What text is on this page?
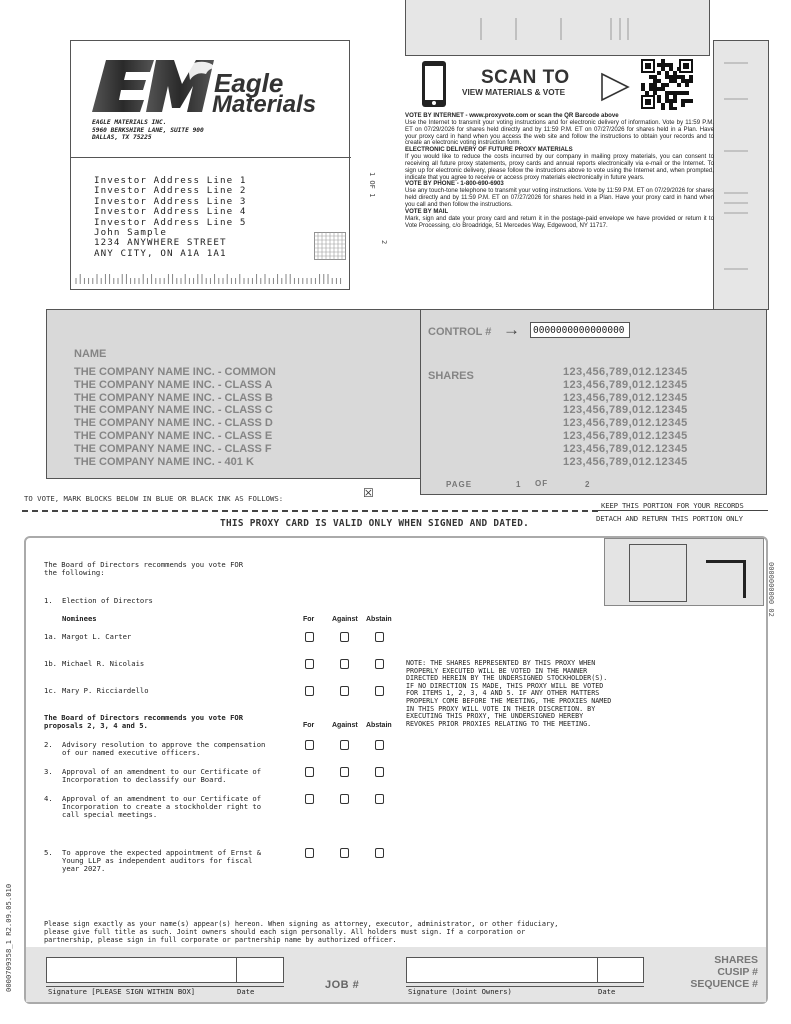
Eagle
Materials
EAGLE MATERIALS INC.
5960 BERKSHIRE LANE, SUITE 900
DALLAS, TX 75225
Investor Address Line 1
Investor Address Line 2
Investor Address Line 3
Investor Address Line 4
Investor Address Line 5
John Sample
1234 ANYWHERE STREET
ANY CITY, ON A1A 1A1
1 OF 1
2
SCAN TO
VIEW MATERIALS & VOTE
VOTE BY INTERNET - www.proxyvote.com or scan the QR Barcode above
Use the Internet to transmit your voting instructions and for electronic delivery of information. Vote by 11:59 P.M. ET on 07/29/2026 for shares held directly and by 11:59 P.M. ET on 07/27/2026 for shares held in a Plan. Have your proxy card in hand when you access the web site and follow the instructions to obtain your records and to create an electronic voting instruction form.
ELECTRONIC DELIVERY OF FUTURE PROXY MATERIALS
If you would like to reduce the costs incurred by our company in mailing proxy materials, you can consent to receiving all future proxy statements, proxy cards and annual reports electronically via e-mail or the Internet. To sign up for electronic delivery, please follow the instructions above to vote using the Internet and, when prompted, indicate that you agree to receive or access proxy materials electronically in future years.
VOTE BY PHONE - 1-800-690-6903
Use any touch-tone telephone to transmit your voting instructions. Vote by 11:59 P.M. ET on 07/29/2026 for shares held directly and by 11:59 P.M. ET on 07/27/2026 for shares held in a Plan. Have your proxy card in hand when you call and then follow the instructions.
VOTE BY MAIL
Mark, sign and date your proxy card and return it in the postage-paid envelope we have provided or return it to Vote Processing, c/o Broadridge, 51 Mercedes Way, Edgewood, NY 11717.
NAME
THE COMPANY NAME INC. - COMMON
THE COMPANY NAME INC. - CLASS A
THE COMPANY NAME INC. - CLASS B
THE COMPANY NAME INC. - CLASS C
THE COMPANY NAME INC. - CLASS D
THE COMPANY NAME INC. - CLASS E
THE COMPANY NAME INC. - CLASS F
THE COMPANY NAME INC. - 401 K
CONTROL # →	0000000000000000
SHARES	123,456,789,012.12345
123,456,789,012.12345
123,456,789,012.12345
123,456,789,012.12345
123,456,789,012.12345
123,456,789,012.12345
123,456,789,012.12345
123,456,789,012.12345
PAGE	1 OF	2
TO VOTE, MARK BLOCKS BELOW IN BLUE OR BLACK INK AS FOLLOWS:	☒
KEEP THIS PORTION FOR YOUR RECORDS
DETACH AND RETURN THIS PORTION ONLY
THIS PROXY CARD IS VALID ONLY WHEN SIGNED AND DATED.
0000000000 02
The Board of Directors recommends you vote FOR
the following:
1. Election of Directors
Nominees	For	Against Abstain
1a. Margot L. Carter
1b. Michael R. Nicolais
1c. Mary P. Ricciardello
The Board of Directors recommends you vote FOR
proposals 2, 3, 4 and 5.	For	Against Abstain
2. Advisory resolution to approve the compensation
of our named executive officers.
3. Approval of an amendment to our Certificate of
Incorporation to declassify our Board.
4. Approval of an amendment to our Certificate of
Incorporation to create a stockholder right to
call special meetings.
5. To approve the expected appointment of Ernst &
Young LLP as independent auditors for fiscal
year 2027.
NOTE: THE SHARES REPRESENTED BY THIS PROXY WHEN
PROPERLY EXECUTED WILL BE VOTED IN THE MANNER
DIRECTED HEREIN BY THE UNDERSIGNED STOCKHOLDER(S).
IF NO DIRECTION IS MADE, THIS PROXY WILL BE VOTED
FOR ITEMS 1, 2, 3, 4 AND 5. IF ANY OTHER MATTERS
PROPERLY COME BEFORE THE MEETING, THE PROXIES NAMED
IN THIS PROXY WILL VOTE IN THEIR DISCRETION. BY
EXECUTING THIS PROXY, THE UNDERSIGNED HEREBY
REVOKES PRIOR PROXIES RELATING TO THE MEETING.
Please sign exactly as your name(s) appear(s) hereon. When signing as attorney, executor, administrator, or other fiduciary,
please give full title as such. Joint owners should each sign personally. All holders must sign. If a corporation or
partnership, please sign in full corporate or partnership name by authorized officer.
Signature [PLEASE SIGN WITHIN BOX]	Date
JOB #
Signature (Joint Owners)	Date
SHARES
CUSIP #
SEQUENCE #
0000709358_1 R2.09.05.010
